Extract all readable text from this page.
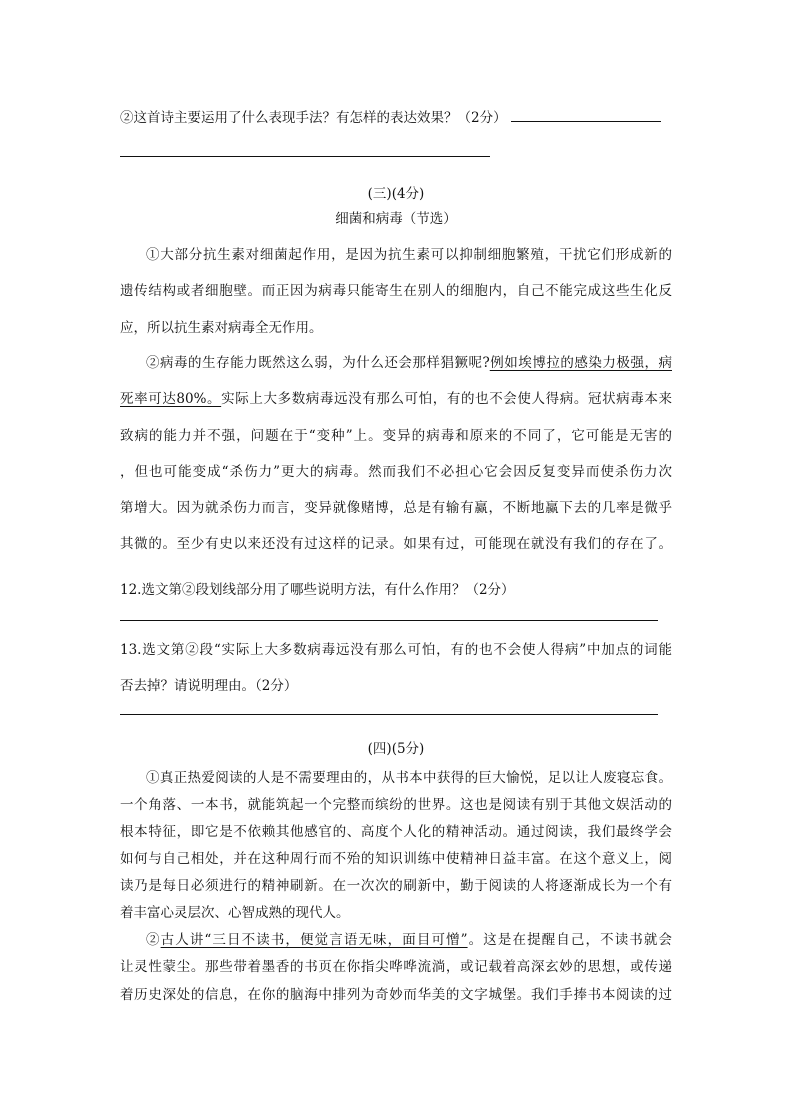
②这首诗主要运用了什么表现手法？有怎样的表达效果？（2分）
(三)(4分)
细菌和病毒（节选）
①大部分抗生素对细菌起作用，是因为抗生素可以抑制细胞繁殖，干扰它们形成新的
遗传结构或者细胞壁。而正因为病毒只能寄生在别人的细胞内，自己不能完成这些生化反
应，所以抗生素对病毒全无作用。
②病毒的生存能力既然这么弱，为什么还会那样猖獗呢?例如埃博拉的感染力极强，病
死率可达80%。实际上大多数病毒远没有那么可怕，有的也不会使人得病。冠状病毒本来
致病的能力并不强，问题在于“变种”上。变异的病毒和原来的不同了，它可能是无害的
，但也可能变成“杀伤力”更大的病毒。然而我们不必担心它会因反复变异而使杀伤力次
第增大。因为就杀伤力而言，变异就像赌博，总是有输有赢，不断地赢下去的几率是微乎
其微的。至少有史以来还没有过这样的记录。如果有过，可能现在就没有我们的存在了。
12.选文第②段划线部分用了哪些说明方法，有什么作用？（2分）
13.选文第②段“实际上大多数病毒远没有那么可怕，有的也不会使人得病”中加点的词能
否去掉？请说明理由。（2分）
(四)(5分)
①真正热爱阅读的人是不需要理由的，从书本中获得的巨大愉悦，足以让人废寝忘食。
一个角落、一本书，就能筑起一个完整而缤纷的世界。这也是阅读有别于其他文娱活动的
根本特征，即它是不依赖其他感官的、高度个人化的精神活动。通过阅读，我们最终学会
如何与自己相处，并在这种周行而不殆的知识训练中使精神日益丰富。在这个意义上，阅
读乃是每日必须进行的精神刷新。在一次次的刷新中，勤于阅读的人将逐渐成长为一个有
着丰富心灵层次、心智成熟的现代人。
②古人讲“三日不读书，便觉言语无味，面目可憎”。这是在提醒自己，不读书就会
让灵性蒙尘。那些带着墨香的书页在你指尖哗哗流淌，或记载着高深玄妙的思想，或传递
着历史深处的信息，在你的脑海中排列为奇妙而华美的文字城堡。我们手捧书本阅读的过
